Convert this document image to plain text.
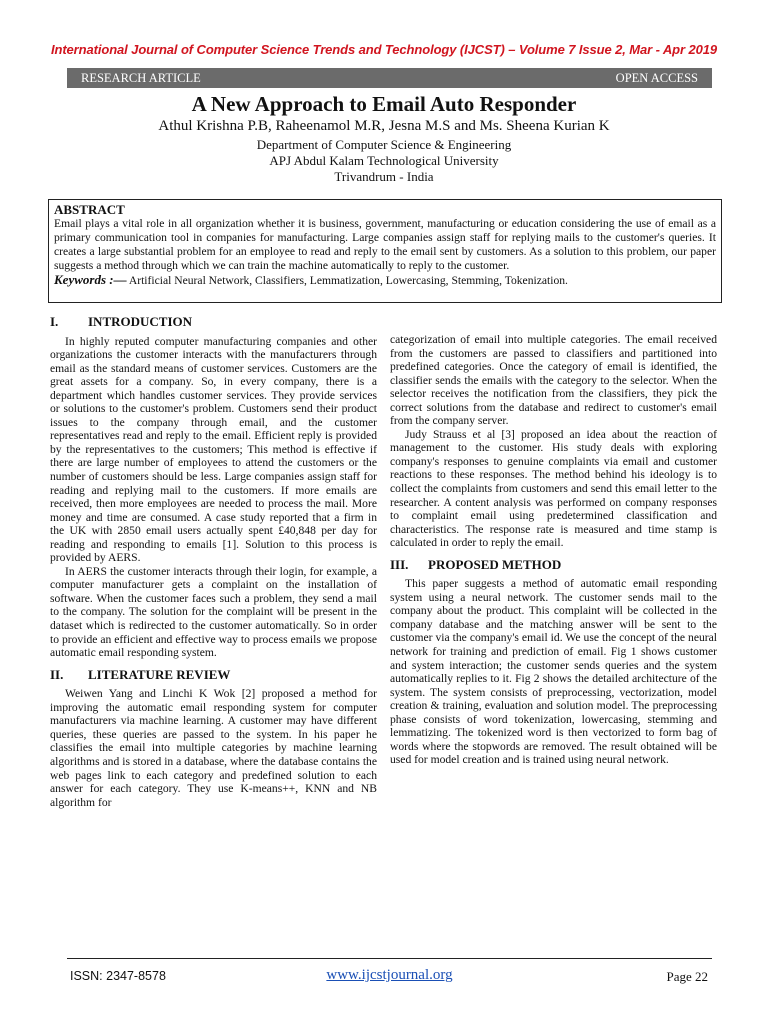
International Journal of Computer Science Trends and Technology (IJCST) – Volume 7 Issue 2, Mar - Apr 2019
RESEARCH ARTICLE	OPEN ACCESS
A New Approach to Email Auto Responder
Athul Krishna P.B, Raheenamol M.R, Jesna M.S and Ms. Sheena Kurian K
Department of Computer Science & Engineering
APJ Abdul Kalam Technological University
Trivandrum - India
ABSTRACT
Email plays a vital role in all organization whether it is business, government, manufacturing or education considering the use of email as a primary communication tool in companies for manufacturing. Large companies assign staff for replying mails to the customer's queries. It creates a large substantial problem for an employee to read and reply to the email sent by customers. As a solution to this problem, our paper suggests a method through which we can train the machine automatically to reply to the customer.
Keywords :— Artificial Neural Network, Classifiers, Lemmatization, Lowercasing, Stemming, Tokenization.
I.	INTRODUCTION

In highly reputed computer manufacturing companies and other organizations the customer interacts with the manufacturers through email as the standard means of customer services. Customers are the great assets for a company. So, in every company, there is a department which handles customer services. They provide services or solutions to the customer's problem. Customers send their product issues to the company through email, and the customer representatives read and reply to the email. Efficient reply is provided by the representatives to the customers; This method is effective if there are large number of employees to attend the customers or the number of customers should be less. Large companies assign staff for reading and replying mail to the customers. If more emails are received, then more employees are needed to process the mail. More money and time are consumed. A case study reported that a firm in the UK with 2850 email users actually spent £40,848 per day for reading and responding to emails [1]. Solution to this process is provided by AERS.

In AERS the customer interacts through their login, for example, a computer manufacturer gets a complaint on the installation of software. When the customer faces such a problem, they send a mail to the company. The solution for the complaint will be present in the dataset which is redirected to the customer automatically. So in order to provide an efficient and effective way to process emails we propose automatic email responding system.

II.	LITERATURE REVIEW

Weiwen Yang and Linchi K Wok [2] proposed a method for improving the automatic email responding system for computer manufacturers via machine learning. A customer may have different queries, these queries are passed to the system. In his paper he classifies the email into multiple categories by machine learning algorithms and is stored in a database, where the database contains the web pages link to each category and predefined solution to each answer for each category. They use K-means++, KNN and NB algorithm for

categorization of email into multiple categories. The email received from the customers are passed to classifiers and partitioned into predefined categories. Once the category of email is identified, the classifier sends the emails with the category to the selector. When the selector receives the notification from the classifiers, they pick the correct solutions from the database and redirect to customer's email from the company server.

Judy Strauss et al [3] proposed an idea about the reaction of management to the customer. His study deals with exploring company's responses to genuine complaints via email and customer reactions to these responses. The method behind his ideology is to collect the complaints from customers and send this email letter to the researcher. A content analysis was performed on company responses to complaint email using predetermined classification and characteristics. The response rate is measured and time stamp is calculated in order to reply the email.

III.	PROPOSED METHOD

This paper suggests a method of automatic email responding system using a neural network. The customer sends mail to the company about the product. This complaint will be collected in the company database and the matching answer will be sent to the customer via the company's email id. We use the concept of the neural network for training and prediction of email. Fig 1 shows customer and system interaction; the customer sends queries and the system automatically replies to it. Fig 2 shows the detailed architecture of the system. The system consists of preprocessing, vectorization, model creation & training, evaluation and solution model. The preprocessing phase consists of word tokenization, lowercasing, stemming and lemmatizing. The tokenized word is then vectorized to form bag of words where the stopwords are removed. The result obtained will be used for model creation and is trained using neural network.

ISSN: 2347-8578	www.ijcstjournal.org	Page 22
